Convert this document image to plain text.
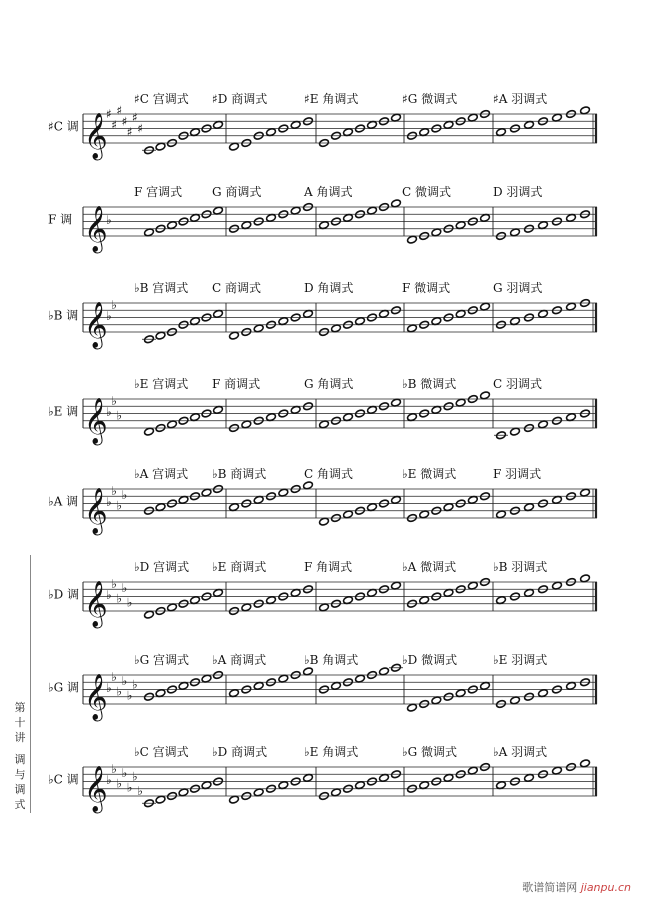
𝄞
♯C 调
♯
♯
♯
♯
♯
♯
♯
♯C 宫调式 ♯D 商调式	♯E 角调式	♯G 微调式	♯A 羽调式
𝄞
F 调	♭
F 宫调式 G 商调式	A 角调式	C 微调式	D 羽调式
𝄞
♭B 调 ♭
♭
♭B 宫调式 C 商调式	D 角调式	F 微调式	G 羽调式
𝄞
♭E 调 ♭
♭
♭
♭E 宫调式 F 商调式	G 角调式	♭B 微调式	C 羽调式
𝄞
♭A 调 ♭
♭
♭
♭
♭A 宫调式 ♭B 商调式	C 角调式	♭E 微调式	F 羽调式
𝄞
♭D 调 ♭
♭
♭
♭
♭
♭D 宫调式 ♭E 商调式	F 角调式	♭A 微调式	♭B 羽调式
𝄞
♭G 调 ♭
♭
♭
♭
♭
♭
♭G 宫调式 ♭A 商调式	♭B 角调式	♭D 微调式	♭E 羽调式
𝄞
♭C 调 ♭
♭
♭
♭
♭
♭
♭
♭C 宫调式 ♭D 商调式	♭E 角调式	♭G 微调式	♭A 羽调式
第十讲
调与调式
歌谱简谱网 jianpu.cn
